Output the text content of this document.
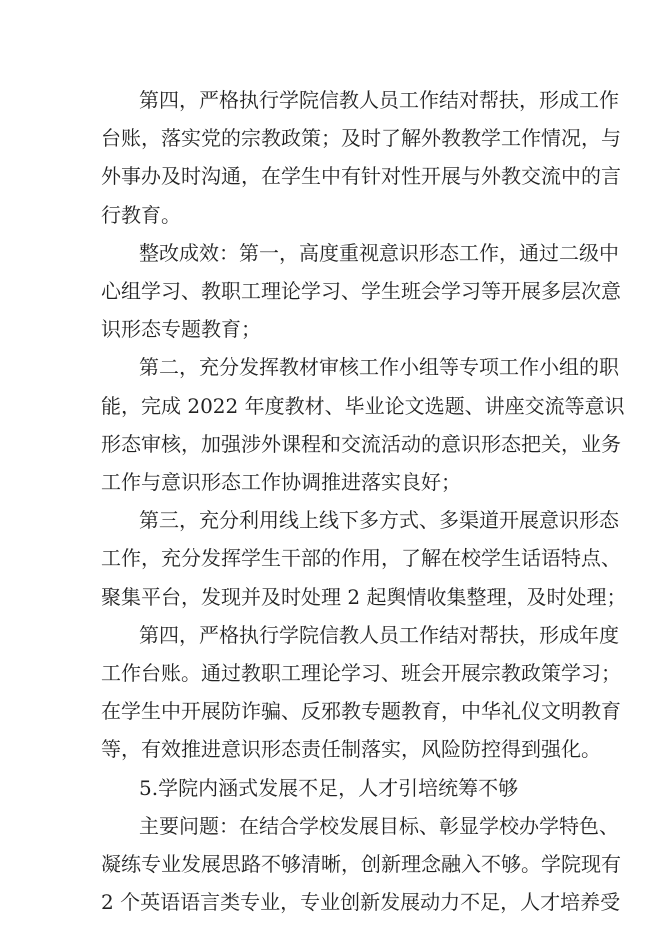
第四，严格执行学院信教人员工作结对帮扶，形成工作
台账，落实党的宗教政策；及时了解外教教学工作情况，与
外事办及时沟通，在学生中有针对性开展与外教交流中的言
行教育。
整改成效：第一，高度重视意识形态工作，通过二级中
心组学习、教职工理论学习、学生班会学习等开展多层次意
识形态专题教育；
第二，充分发挥教材审核工作小组等专项工作小组的职
能，完成 2022 年度教材、毕业论文选题、讲座交流等意识
形态审核，加强涉外课程和交流活动的意识形态把关，业务
工作与意识形态工作协调推进落实良好；
第三，充分利用线上线下多方式、多渠道开展意识形态
工作，充分发挥学生干部的作用，了解在校学生话语特点、
聚集平台，发现并及时处理 2 起舆情收集整理，及时处理；
第四，严格执行学院信教人员工作结对帮扶，形成年度
工作台账。通过教职工理论学习、班会开展宗教政策学习；
在学生中开展防诈骗、反邪教专题教育，中华礼仪文明教育
等，有效推进意识形态责任制落实，风险防控得到强化。
5.学院内涵式发展不足，人才引培统筹不够
主要问题：在结合学校发展目标、彰显学校办学特色、
凝练专业发展思路不够清晰，创新理念融入不够。学院现有
2 个英语语言类专业，专业创新发展动力不足，人才培养受
